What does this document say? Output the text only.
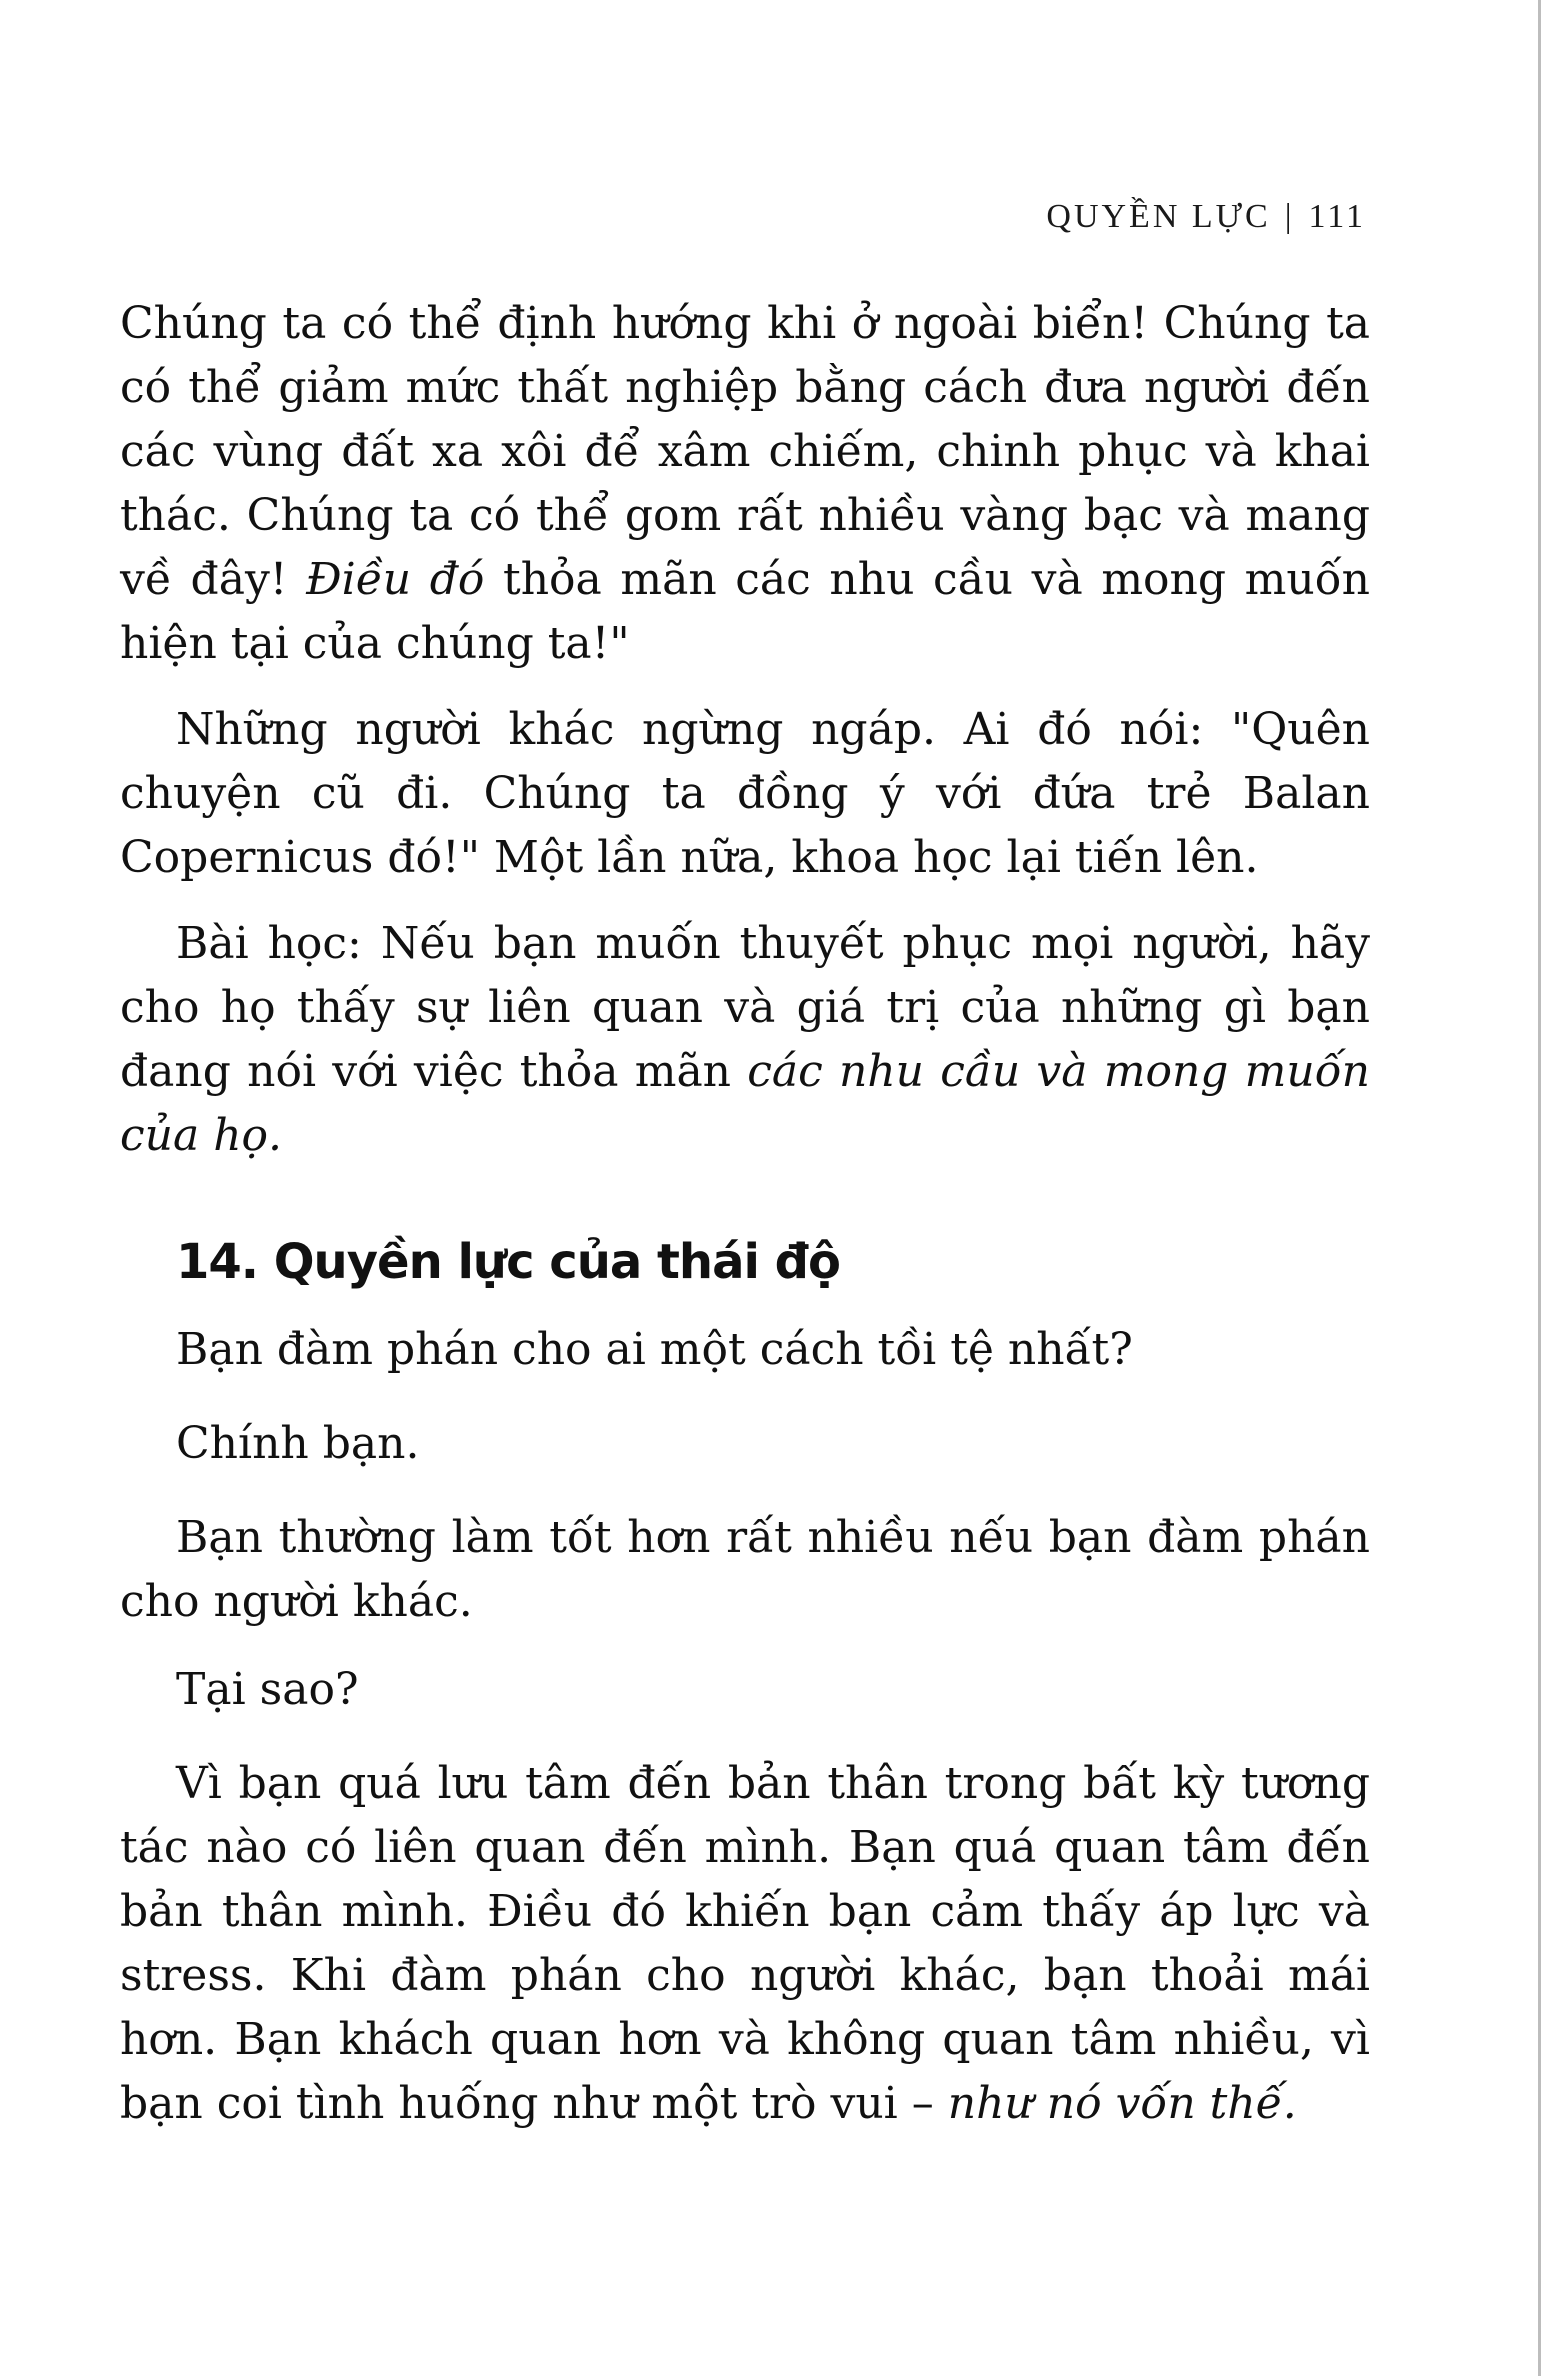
QUYỀN LỰC | 111

Chúng ta có thể định hướng khi ở ngoài biển! Chúng ta có thể giảm mức thất nghiệp bằng cách đưa người đến các vùng đất xa xôi để xâm chiếm, chinh phục và khai thác. Chúng ta có thể gom rất nhiều vàng bạc và mang về đây! Điều đó thỏa mãn các nhu cầu và mong muốn hiện tại của chúng ta!"

Những người khác ngừng ngáp. Ai đó nói: "Quên chuyện cũ đi. Chúng ta đồng ý với đứa trẻ Balan Copernicus đó!" Một lần nữa, khoa học lại tiến lên.

Bài học: Nếu bạn muốn thuyết phục mọi người, hãy cho họ thấy sự liên quan và giá trị của những gì bạn đang nói với việc thỏa mãn các nhu cầu và mong muốn của họ.

14. Quyền lực của thái độ
Bạn đàm phán cho ai một cách tồi tệ nhất?
Chính bạn.

Bạn thường làm tốt hơn rất nhiều nếu bạn đàm phán cho người khác.

Tại sao?

Vì bạn quá lưu tâm đến bản thân trong bất kỳ tương tác nào có liên quan đến mình. Bạn quá quan tâm đến bản thân mình. Điều đó khiến bạn cảm thấy áp lực và stress. Khi đàm phán cho người khác, bạn thoải mái hơn. Bạn khách quan hơn và không quan tâm nhiều, vì bạn coi tình huống như một trò vui – như nó vốn thế.
